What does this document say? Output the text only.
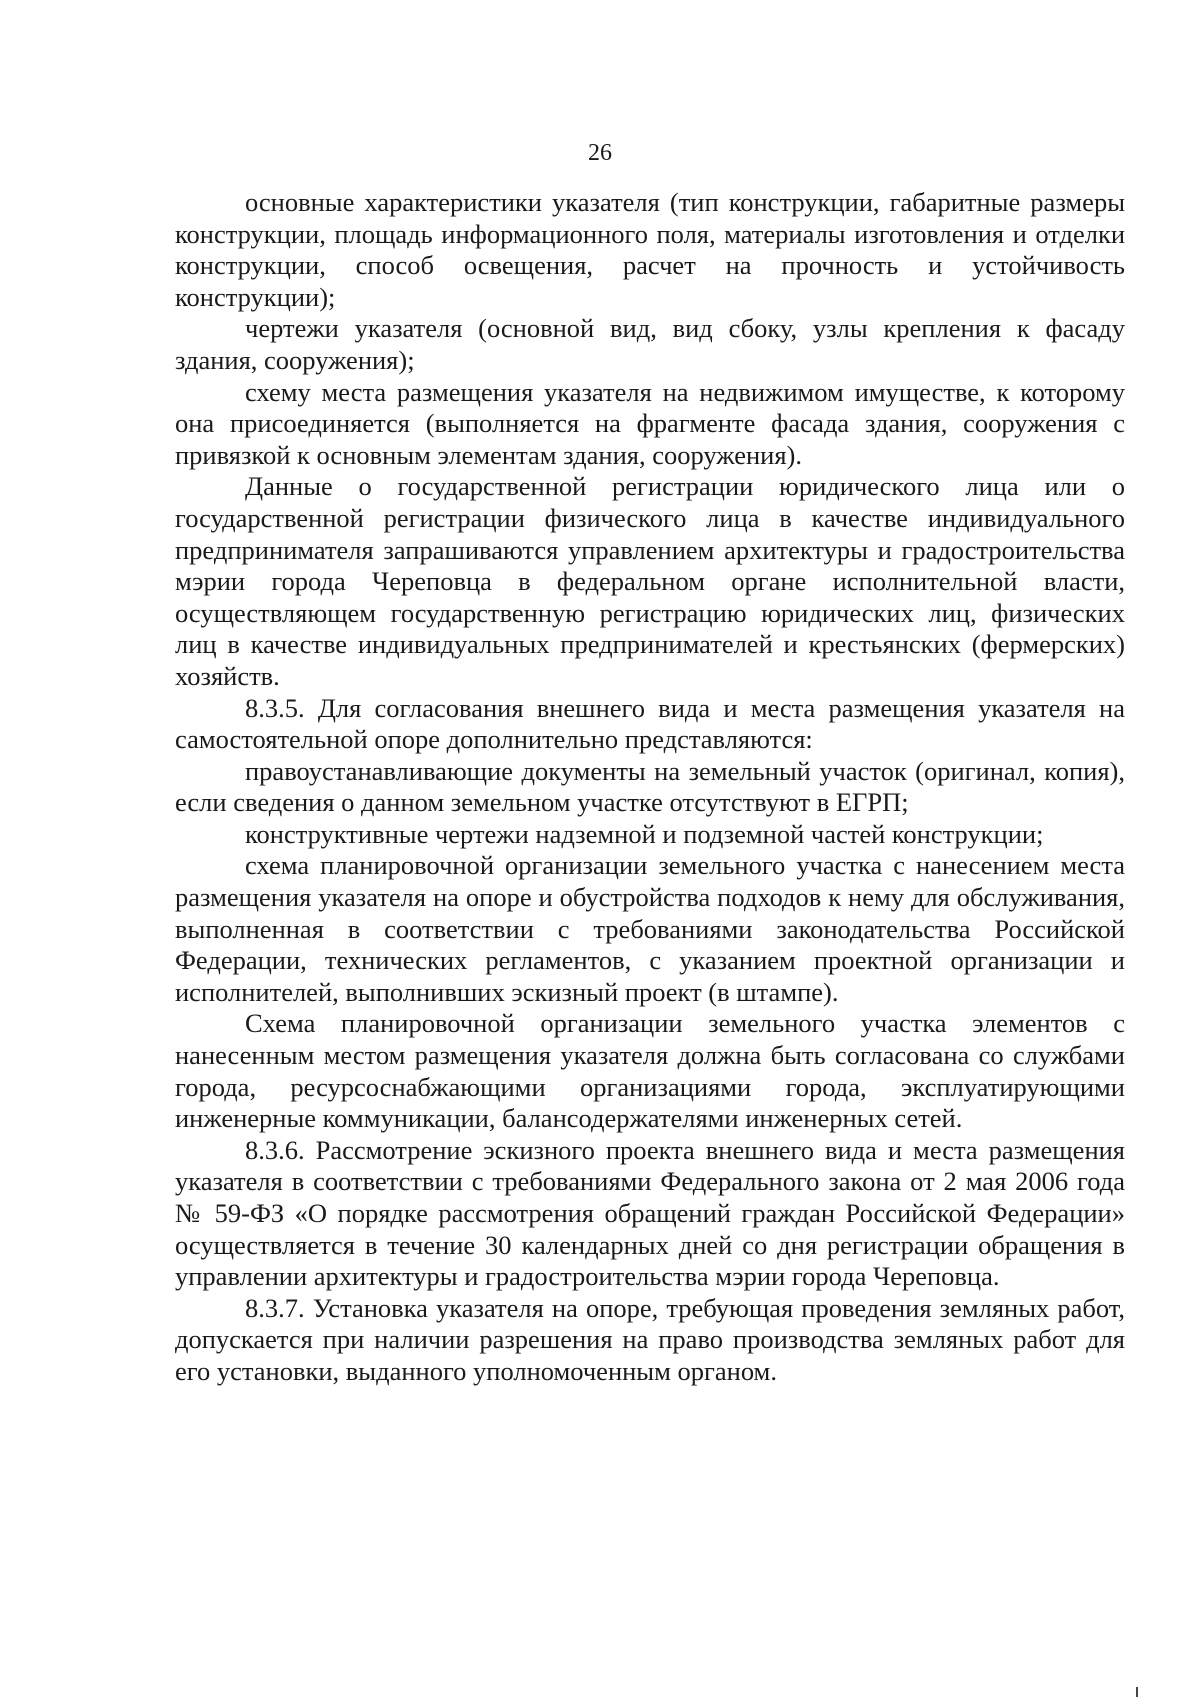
26

основные характеристики указателя (тип конструкции, габаритные размеры конструкции, площадь информационного поля, материалы изготовления и отделки конструкции, способ освещения, расчет на прочность и устойчивость конструкции);

чертежи указателя (основной вид, вид сбоку, узлы крепления к фасаду здания, сооружения);

схему места размещения указателя на недвижимом имуществе, к которому она присоединяется (выполняется на фрагменте фасада здания, сооружения с привязкой к основным элементам здания, сооружения).

Данные о государственной регистрации юридического лица или о государственной регистрации физического лица в качестве индивидуального предпринимателя запрашиваются управлением архитектуры и градостроительства мэрии города Череповца в федеральном органе исполнительной власти, осуществляющем государственную регистрацию юридических лиц, физических лиц в качестве индивидуальных предпринимателей и крестьянских (фермерских) хозяйств.

8.3.5. Для согласования внешнего вида и места размещения указателя на самостоятельной опоре дополнительно представляются:

правоустанавливающие документы на земельный участок (оригинал, копия), если сведения о данном земельном участке отсутствуют в ЕГРП;

конструктивные чертежи надземной и подземной частей конструкции;

схема планировочной организации земельного участка с нанесением места размещения указателя на опоре и обустройства подходов к нему для обслуживания, выполненная в соответствии с требованиями законодательства Российской Федерации, технических регламентов, с указанием проектной организации и исполнителей, выполнивших эскизный проект (в штампе).

Схема планировочной организации земельного участка элементов с нанесенным местом размещения указателя должна быть согласована со службами города, ресурсоснабжающими организациями города, эксплуатирующими инженерные коммуникации, балансодержателями инженерных сетей.

8.3.6. Рассмотрение эскизного проекта внешнего вида и места размещения указателя в соответствии с требованиями Федерального закона от 2 мая 2006 года № 59-ФЗ «О порядке рассмотрения обращений граждан Российской Федерации» осуществляется в течение 30 календарных дней со дня регистрации обращения в управлении архитектуры и градостроительства мэрии города Череповца.

8.3.7. Установка указателя на опоре, требующая проведения земляных работ, допускается при наличии разрешения на право производства земляных работ для его установки, выданного уполномоченным органом.
